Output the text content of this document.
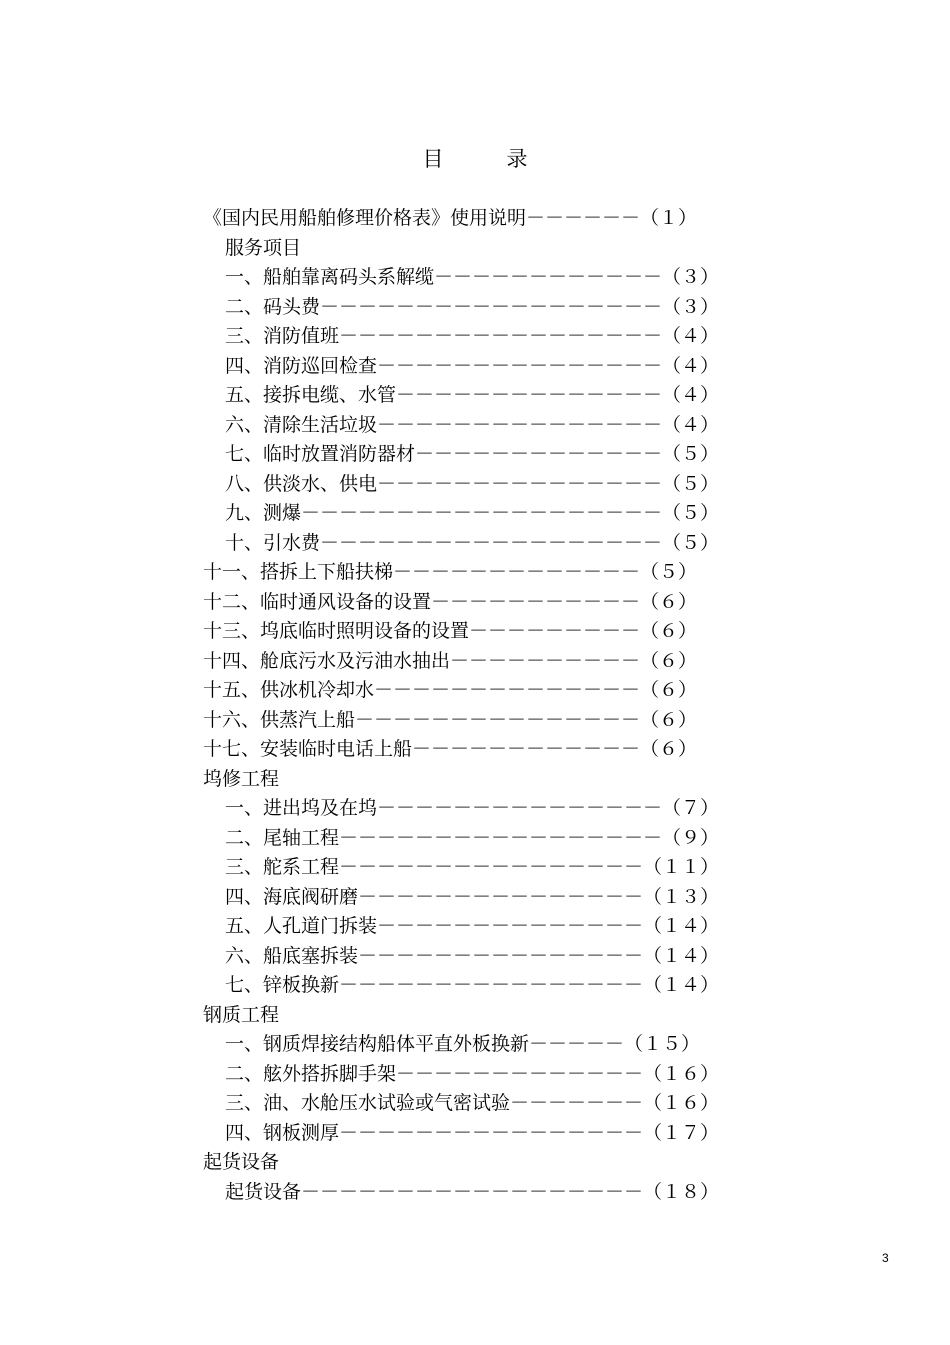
目　　　录
《国内民用船舶修理价格表》使用说明－－－－－－（１）
服务项目
一、船舶靠离码头系解缆－－－－－－－－－－－－（３）
二、码头费－－－－－－－－－－－－－－－－－－（３）
三、消防值班－－－－－－－－－－－－－－－－－（４）
四、消防巡回检查－－－－－－－－－－－－－－－（４）
五、接拆电缆、水管－－－－－－－－－－－－－－（４）
六、清除生活垃圾－－－－－－－－－－－－－－－（４）
七、临时放置消防器材－－－－－－－－－－－－－（５）
八、供淡水、供电－－－－－－－－－－－－－－－（５）
九、测爆－－－－－－－－－－－－－－－－－－－（５）
十、引水费－－－－－－－－－－－－－－－－－－（５）
十一、搭拆上下船扶梯－－－－－－－－－－－－－（５）
十二、临时通风设备的设置－－－－－－－－－－－（６）
十三、坞底临时照明设备的设置－－－－－－－－－（６）
十四、舱底污水及污油水抽出－－－－－－－－－－（６）
十五、供冰机冷却水－－－－－－－－－－－－－－（６）
十六、供蒸汽上船－－－－－－－－－－－－－－－（６）
十七、安装临时电话上船－－－－－－－－－－－－（６）
坞修工程
一、进出坞及在坞－－－－－－－－－－－－－－－（７）
二、尾轴工程－－－－－－－－－－－－－－－－－（９）
三、舵系工程－－－－－－－－－－－－－－－－（１１）
四、海底阀研磨－－－－－－－－－－－－－－－（１３）
五、人孔道门拆装－－－－－－－－－－－－－－（１４）
六、船底塞拆装－－－－－－－－－－－－－－－（１４）
七、锌板换新－－－－－－－－－－－－－－－－（１４）
钢质工程
一、钢质焊接结构船体平直外板换新－－－－－（１５）
二、舷外搭拆脚手架－－－－－－－－－－－－－（１６）
三、油、水舱压水试验或气密试验－－－－－－－（１６）
四、钢板测厚－－－－－－－－－－－－－－－－（１７）
起货设备
起货设备－－－－－－－－－－－－－－－－－－（１８）
3
